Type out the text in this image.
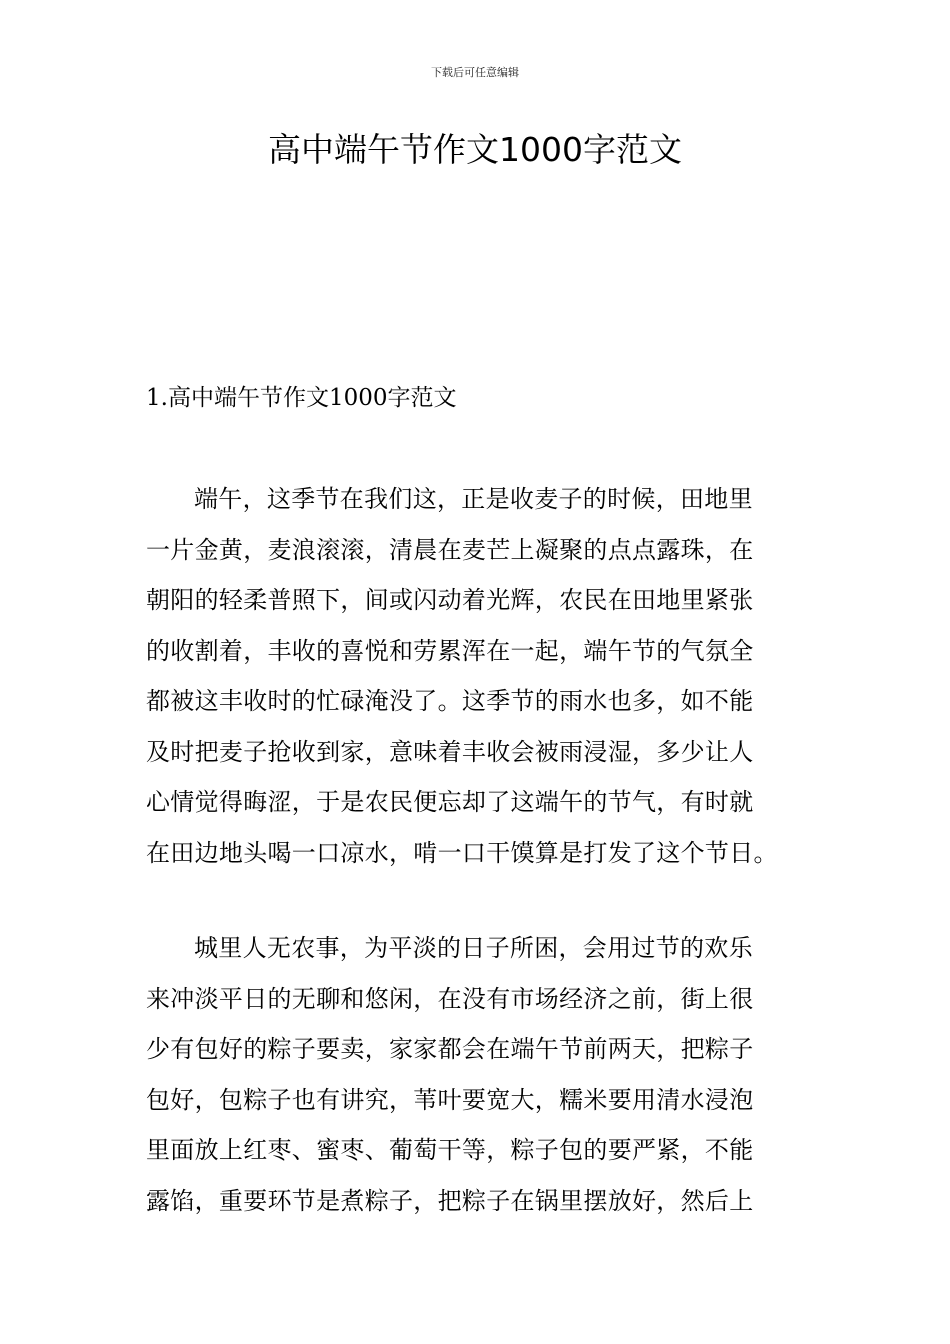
下载后可任意编辑
高中端午节作文1000字范文
1.高中端午节作文1000字范文

端午，这季节在我们这，正是收麦子的时候，田地里
一片金黄，麦浪滚滚，清晨在麦芒上凝聚的点点露珠，在
朝阳的轻柔普照下，间或闪动着光辉，农民在田地里紧张
的收割着，丰收的喜悦和劳累浑在一起，端午节的气氛全
都被这丰收时的忙碌淹没了。这季节的雨水也多，如不能
及时把麦子抢收到家，意味着丰收会被雨浸湿，多少让人
心情觉得晦涩，于是农民便忘却了这端午的节气，有时就
在田边地头喝一口凉水，啃一口干馍算是打发了这个节日。

城里人无农事，为平淡的日子所困，会用过节的欢乐
来冲淡平日的无聊和悠闲，在没有市场经济之前，街上很
少有包好的粽子要卖，家家都会在端午节前两天，把粽子
包好，包粽子也有讲究，苇叶要宽大，糯米要用清水浸泡
里面放上红枣、蜜枣、葡萄干等，粽子包的要严紧，不能
露馅，重要环节是煮粽子，把粽子在锅里摆放好，然后上
